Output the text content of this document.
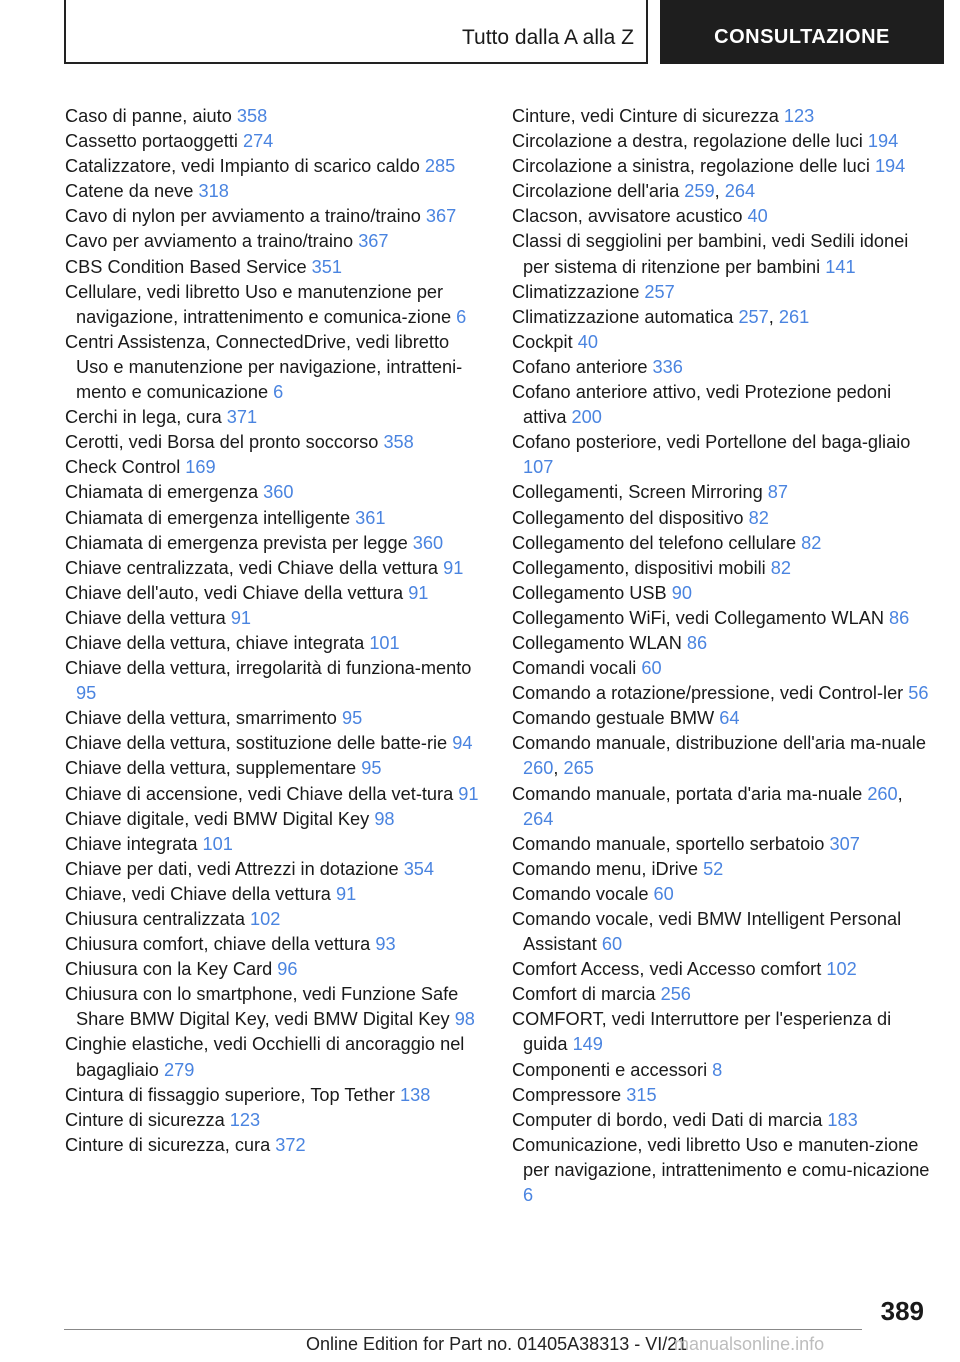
Tutto dalla A alla Z	CONSULTAZIONE

Caso di panne, aiuto 358

Cassetto portaoggetti 274

Catalizzatore, vedi Impianto di scarico caldo 285

Catene da neve 318

Cavo di nylon per avviamento a traino/traino 367

Cavo per avviamento a traino/traino 367

CBS Condition Based Service 351

Cellulare, vedi libretto Uso e manutenzione per navigazione, intrattenimento e comunica-zione 6

Centri Assistenza, ConnectedDrive, vedi libretto Uso e manutenzione per navigazione, intratteni-mento e comunicazione 6

Cerchi in lega, cura 371

Cerotti, vedi Borsa del pronto soccorso 358

Check Control 169

Chiamata di emergenza 360

Chiamata di emergenza intelligente 361

Chiamata di emergenza prevista per legge 360

Chiave centralizzata, vedi Chiave della vettura 91

Chiave dell'auto, vedi Chiave della vettura 91

Chiave della vettura 91

Chiave della vettura, chiave integrata 101

Chiave della vettura, irregolarità di funziona-mento 95

Chiave della vettura, smarrimento 95

Chiave della vettura, sostituzione delle batte-rie 94

Chiave della vettura, supplementare 95

Chiave di accensione, vedi Chiave della vet-tura 91

Chiave digitale, vedi BMW Digital Key 98

Chiave integrata 101

Chiave per dati, vedi Attrezzi in dotazione 354

Chiave, vedi Chiave della vettura 91

Chiusura centralizzata 102

Chiusura comfort, chiave della vettura 93

Chiusura con la Key Card 96

Chiusura con lo smartphone, vedi Funzione Safe Share BMW Digital Key, vedi BMW Digital Key 98

Cinghie elastiche, vedi Occhielli di ancoraggio nel bagagliaio 279

Cintura di fissaggio superiore, Top Tether 138

Cinture di sicurezza 123

Cinture di sicurezza, cura 372

Cinture, vedi Cinture di sicurezza 123

Circolazione a destra, regolazione delle luci 194

Circolazione a sinistra, regolazione delle luci 194

Circolazione dell'aria 259, 264

Clacson, avvisatore acustico 40

Classi di seggiolini per bambini, vedi Sedili idonei per sistema di ritenzione per bambini 141

Climatizzazione 257

Climatizzazione automatica 257, 261

Cockpit 40

Cofano anteriore 336

Cofano anteriore attivo, vedi Protezione pedoni attiva 200

Cofano posteriore, vedi Portellone del baga-gliaio 107

Collegamenti, Screen Mirroring 87

Collegamento del dispositivo 82

Collegamento del telefono cellulare 82

Collegamento, dispositivi mobili 82

Collegamento USB 90

Collegamento WiFi, vedi Collegamento WLAN 86

Collegamento WLAN 86

Comandi vocali 60

Comando a rotazione/pressione, vedi Control-ler 56

Comando gestuale BMW 64

Comando manuale, distribuzione dell'aria ma-nuale 260, 265

Comando manuale, portata d'aria ma-nuale 260, 264

Comando manuale, sportello serbatoio 307

Comando menu, iDrive 52

Comando vocale 60

Comando vocale, vedi BMW Intelligent Personal Assistant 60

Comfort Access, vedi Accesso comfort 102

Comfort di marcia 256

COMFORT, vedi Interruttore per l'esperienza di guida 149

Componenti e accessori 8

Compressore 315

Computer di bordo, vedi Dati di marcia 183

Comunicazione, vedi libretto Uso e manuten-zione per navigazione, intrattenimento e comu-nicazione 6

389
Online Edition for Part no. 01405A38313 - VI/21
manualsonline.info
